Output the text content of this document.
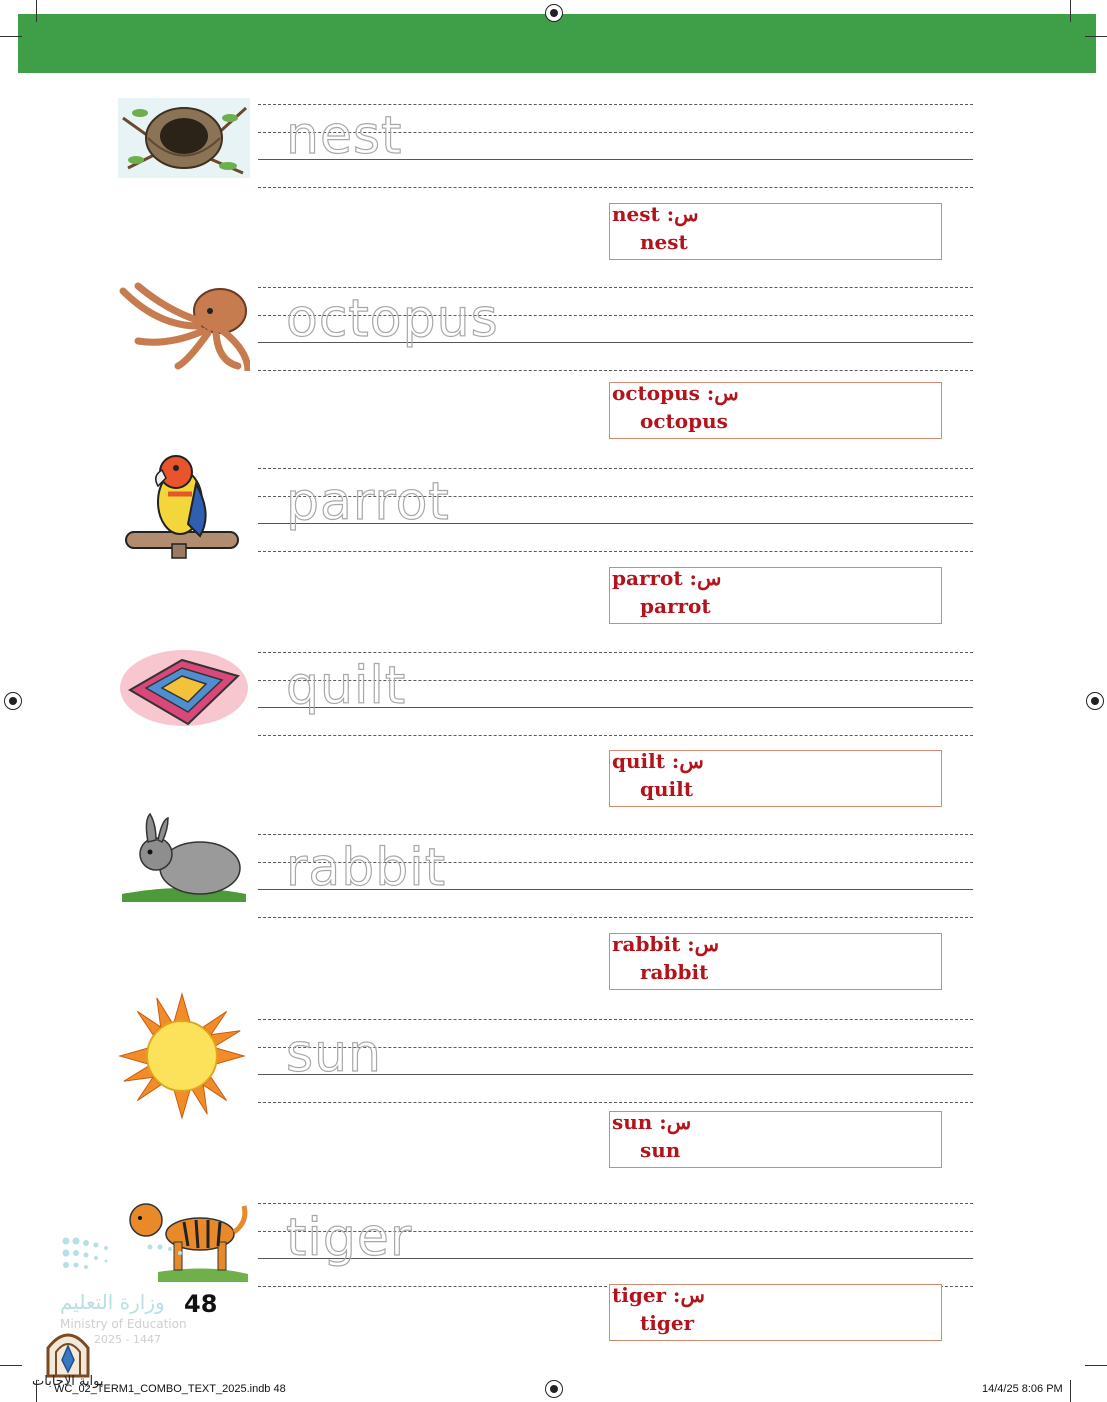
nest
nest :س
nest
octopus
octopus :س
octopus
parrot
parrot :س
parrot
quilt
quilt :س
quilt
rabbit
rabbit :س
rabbit
sun
sun :س
sun
tiger
tiger :س
tiger
وزارة التعليم 48
Ministry of Education
2025 - 1447
بوابة الاجابات
WC_02_TERM1_COMBO_TEXT_2025.indb 48	14/4/25 8:06 PM
